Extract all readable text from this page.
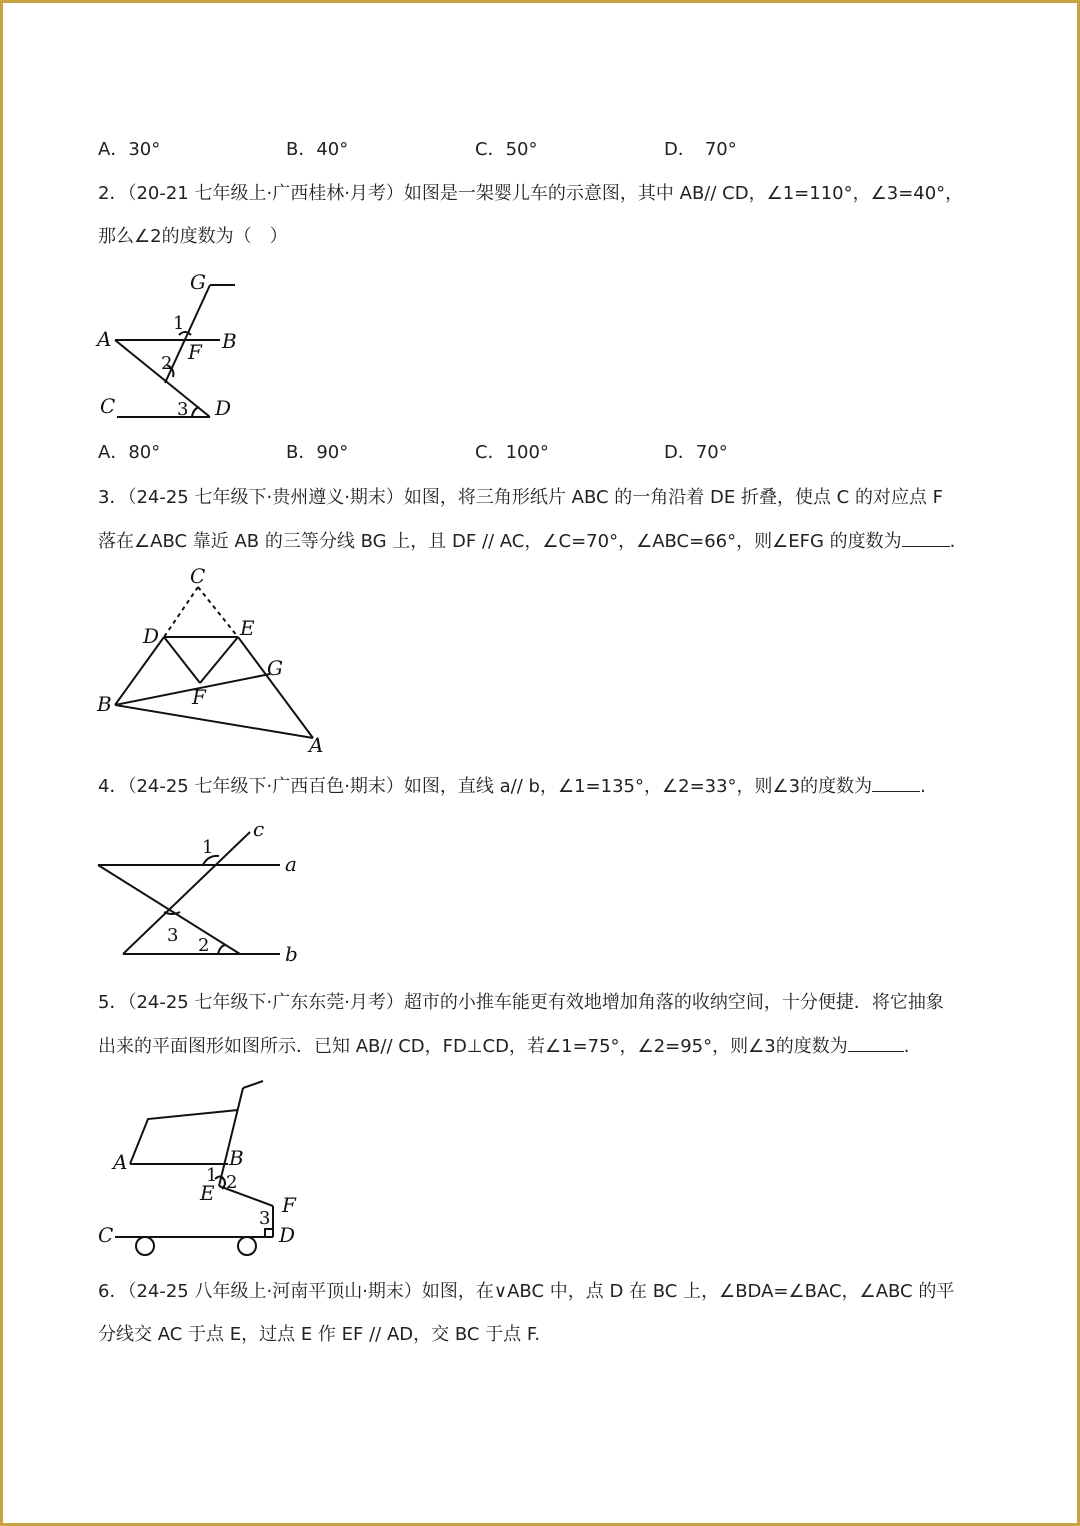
A．30°	B．40°	C．50°	D．　70°
2．（20-21 七年级上·广西桂林·月考）如图是一架婴儿车的示意图，其中 AB// CD，∠1=110°，∠3=40°，
那么∠2的度数为（　）
G
A	B
F
C	D
1
2
3
A．80°	B．90°	C．100°	D．70°
3．（24-25 七年级下·贵州遵义·期末）如图，将三角形纸片 ABC 的一角沿着 DE 折叠，使点 C 的对应点 F
落在∠ABC 靠近 AB 的三等分线 BG 上，且 DF // AC，∠C=70°，∠ABC=66°，则∠EFG 的度数为	.
C
D	E
G
B	F
A
4．（24-25 七年级下·广西百色·期末）如图，直线 a// b，∠1=135°，∠2=33°，则∠3的度数为	.
c
a
b
1
3 2
5．（24-25 七年级下·广东东莞·月考）超市的小推车能更有效地增加角落的收纳空间，十分便捷．将它抽象
出来的平面图形如图所示．已知 AB// CD，FD⊥CD，若∠1=75°，∠2=95°，则∠3的度数为	.
A	B
E	F
C	D
1 2
3
6．（24-25 八年级上·河南平顶山·期末）如图，在∨ABC 中，点 D 在 BC 上，∠BDA=∠BAC，∠ABC 的平
分线交 AC 于点 E，过点 E 作 EF // AD，交 BC 于点 F.
